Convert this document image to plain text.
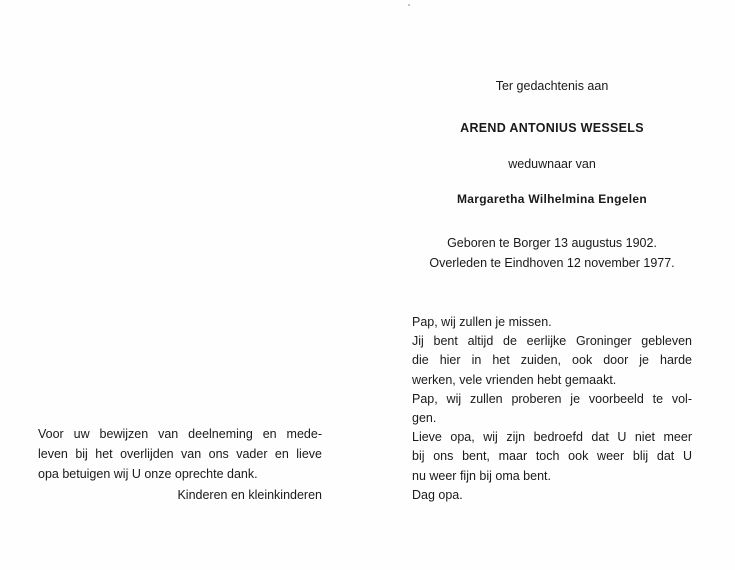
Ter gedachtenis aan
AREND ANTONIUS WESSELS
weduwnaar van
Margaretha Wilhelmina Engelen
Geboren te Borger 13 augustus 1902.
Overleden te Eindhoven 12 november 1977.
Pap, wij zullen je missen.
Jij bent altijd de eerlijke Groninger gebleven
die hier in het zuiden, ook door je harde
werken, vele vrienden hebt gemaakt.
Pap, wij zullen proberen je voorbeeld te vol-
gen.
Lieve opa, wij zijn bedroefd dat U niet meer
bij ons bent, maar toch ook weer blij dat U
nu weer fijn bij oma bent.
Dag opa.
Voor uw bewijzen van deelneming en mede-
leven bij het overlijden van ons vader en lieve
opa betuigen wij U onze oprechte dank.
Kinderen en kleinkinderen
